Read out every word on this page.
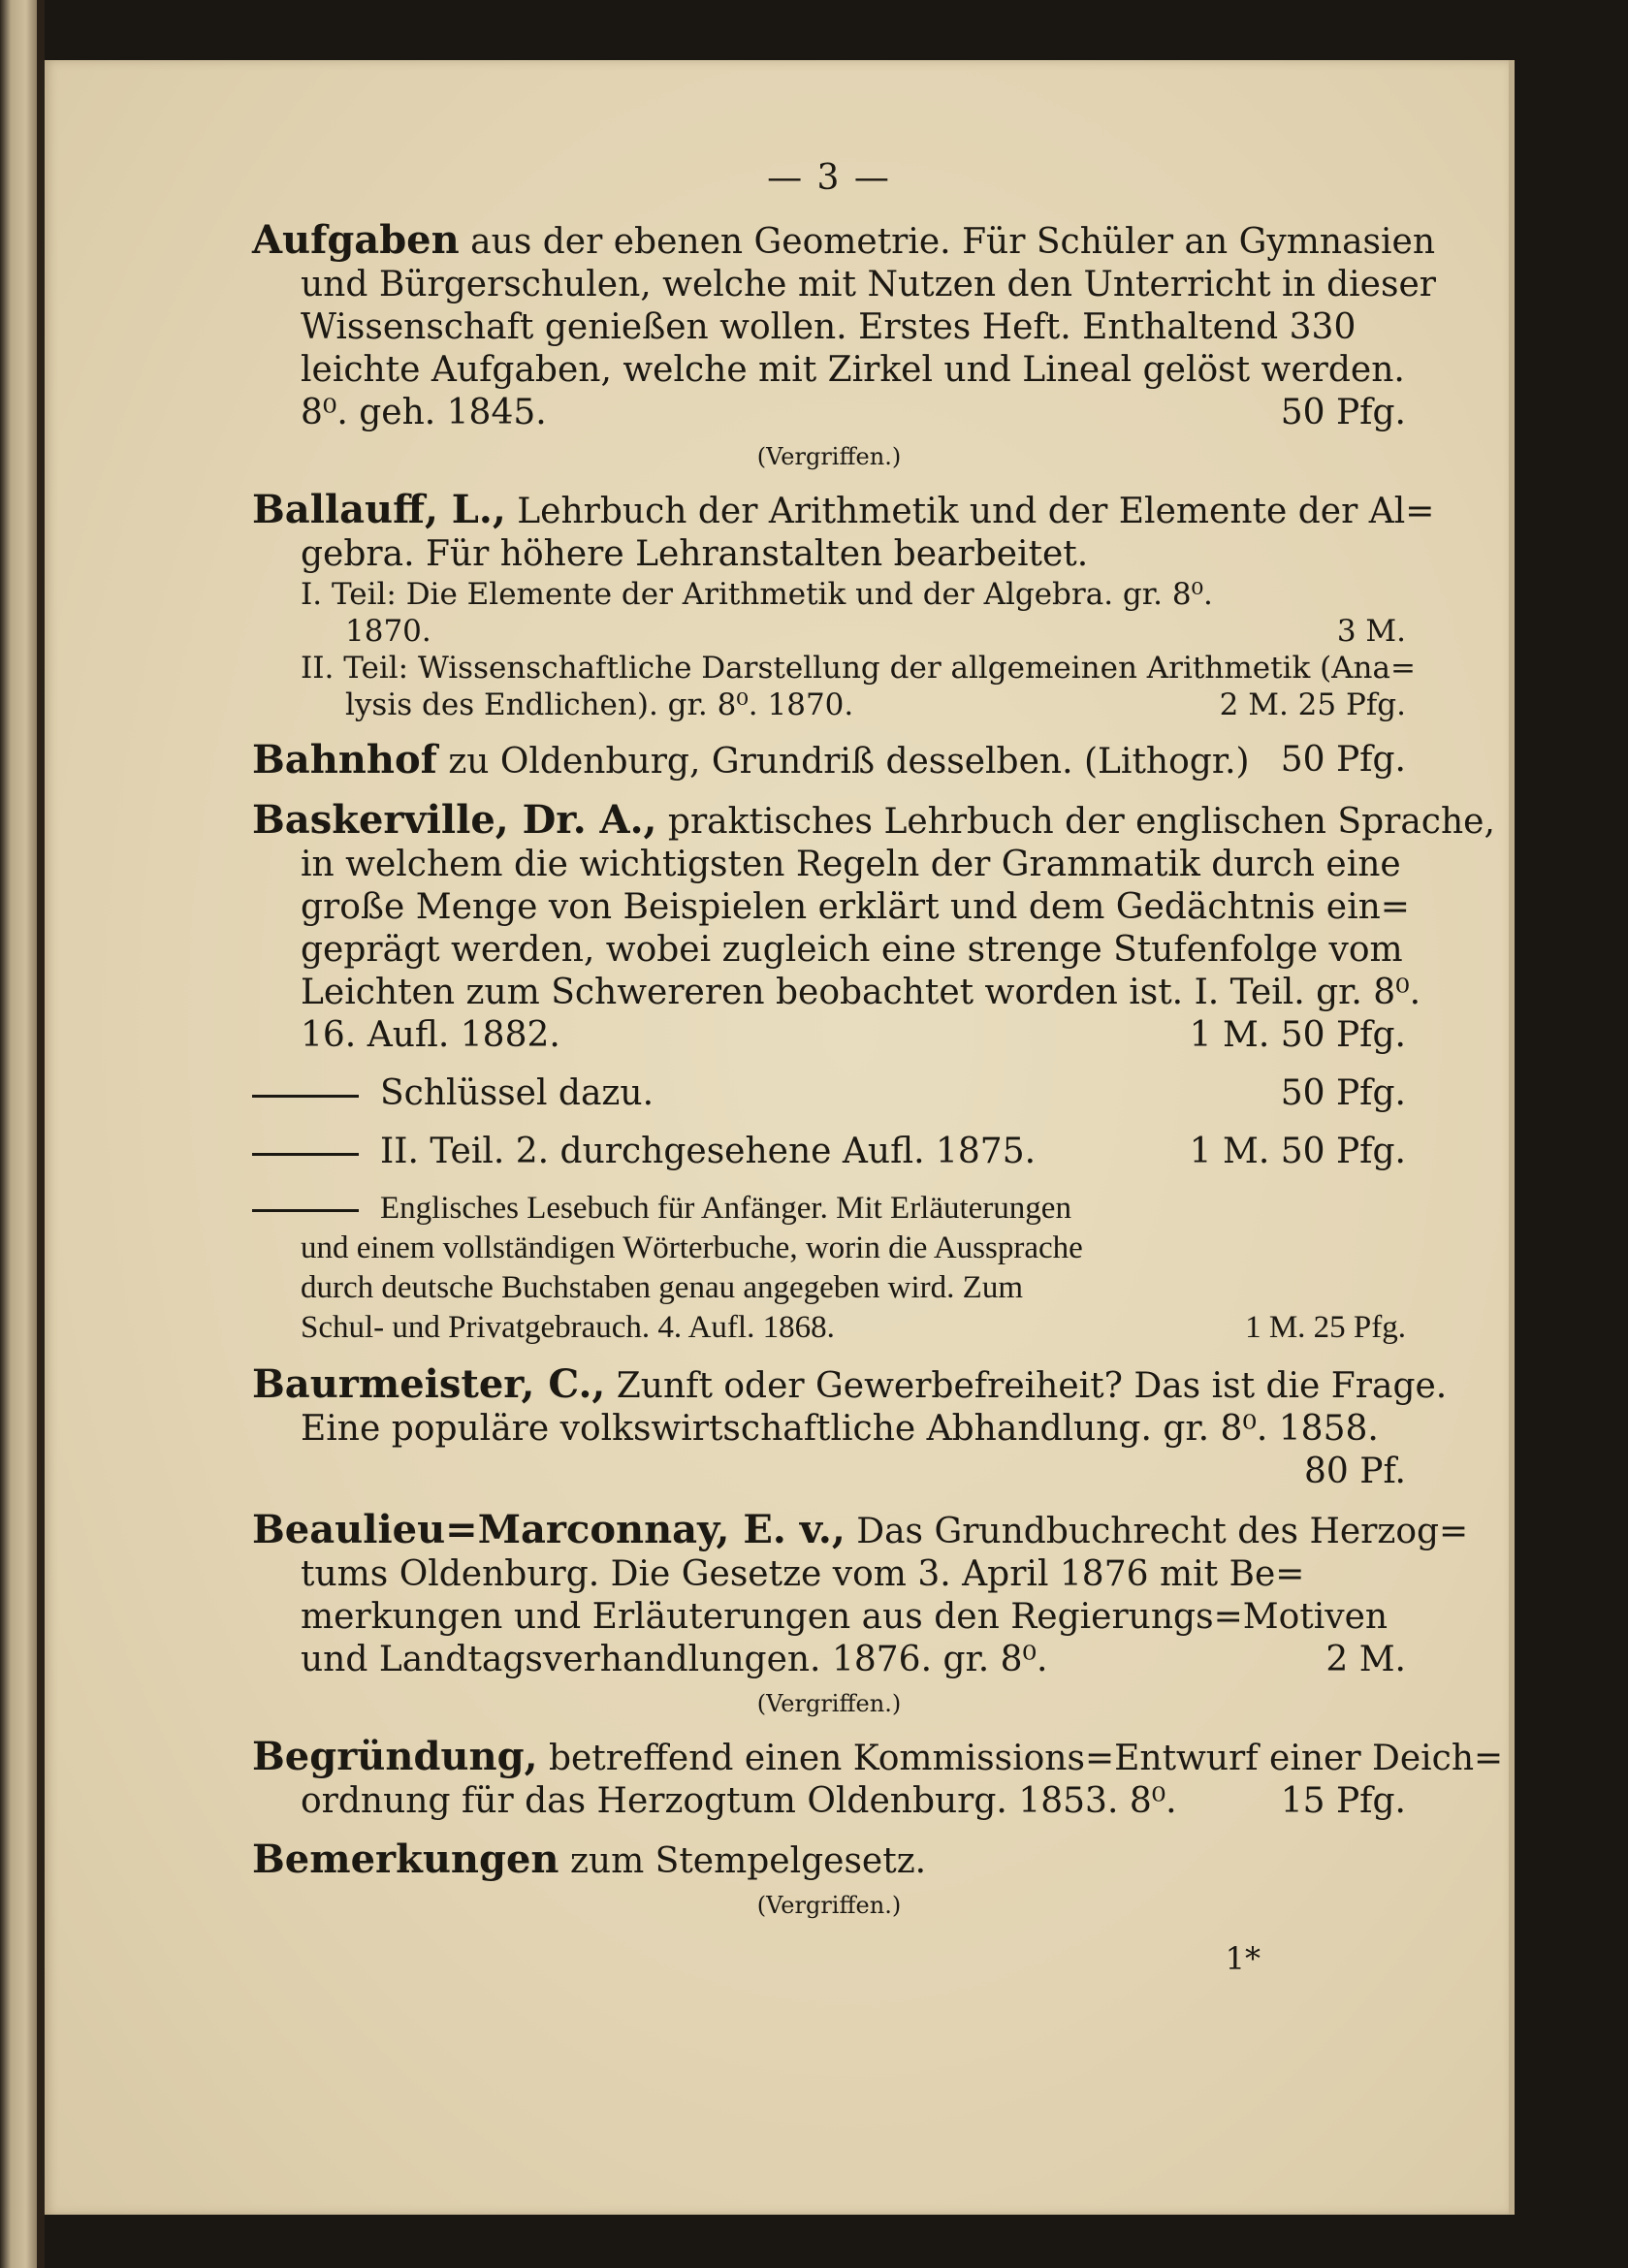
— 3 —
Aufgaben aus der ebenen Geometrie. Für Schüler an Gymnasien
und Bürgerschulen, welche mit Nutzen den Unterricht in dieser
Wissenschaft genießen wollen. Erstes Heft. Enthaltend 330
leichte Aufgaben, welche mit Zirkel und Lineal gelöst werden.
8⁰. geh. 1845.	50 Pfg.
(Vergriffen.)
Ballauff, L., Lehrbuch der Arithmetik und der Elemente der Al=
gebra. Für höhere Lehranstalten bearbeitet.
I. Teil: Die Elemente der Arithmetik und der Algebra. gr. 8⁰.
1870.	3 M.
II. Teil: Wissenschaftliche Darstellung der allgemeinen Arithmetik (Ana=
lysis des Endlichen). gr. 8⁰. 1870.	2 M. 25 Pfg.
Bahnhof zu Oldenburg, Grundriß desselben. (Lithogr.) 50 Pfg.
Baskerville, Dr. A., praktisches Lehrbuch der englischen Sprache,
in welchem die wichtigsten Regeln der Grammatik durch eine
große Menge von Beispielen erklärt und dem Gedächtnis ein=
geprägt werden, wobei zugleich eine strenge Stufenfolge vom
Leichten zum Schwereren beobachtet worden ist. I. Teil. gr. 8⁰.
16. Aufl. 1882.	1 M. 50 Pfg.
Schlüssel dazu.	50 Pfg.
II. Teil. 2. durchgesehene Aufl. 1875.	1 M. 50 Pfg.
Englisches Lesebuch für Anfänger. Mit Erläuterungen
und einem vollständigen Wörterbuche, worin die Aussprache
durch deutsche Buchstaben genau angegeben wird. Zum
Schul- und Privatgebrauch. 4. Aufl. 1868.	1 M. 25 Pfg.
Baurmeister, C., Zunft oder Gewerbefreiheit? Das ist die Frage.
Eine populäre volkswirtschaftliche Abhandlung. gr. 8⁰. 1858.
80 Pf.
Beaulieu=Marconnay, E. v., Das Grundbuchrecht des Herzog=
tums Oldenburg. Die Gesetze vom 3. April 1876 mit Be=
merkungen und Erläuterungen aus den Regierungs=Motiven
und Landtagsverhandlungen. 1876. gr. 8⁰.	2 M.
(Vergriffen.)
Begründung, betreffend einen Kommissions=Entwurf einer Deich=
ordnung für das Herzogtum Oldenburg. 1853. 8⁰.	15 Pfg.
Bemerkungen zum Stempelgesetz.
(Vergriffen.)
1*
